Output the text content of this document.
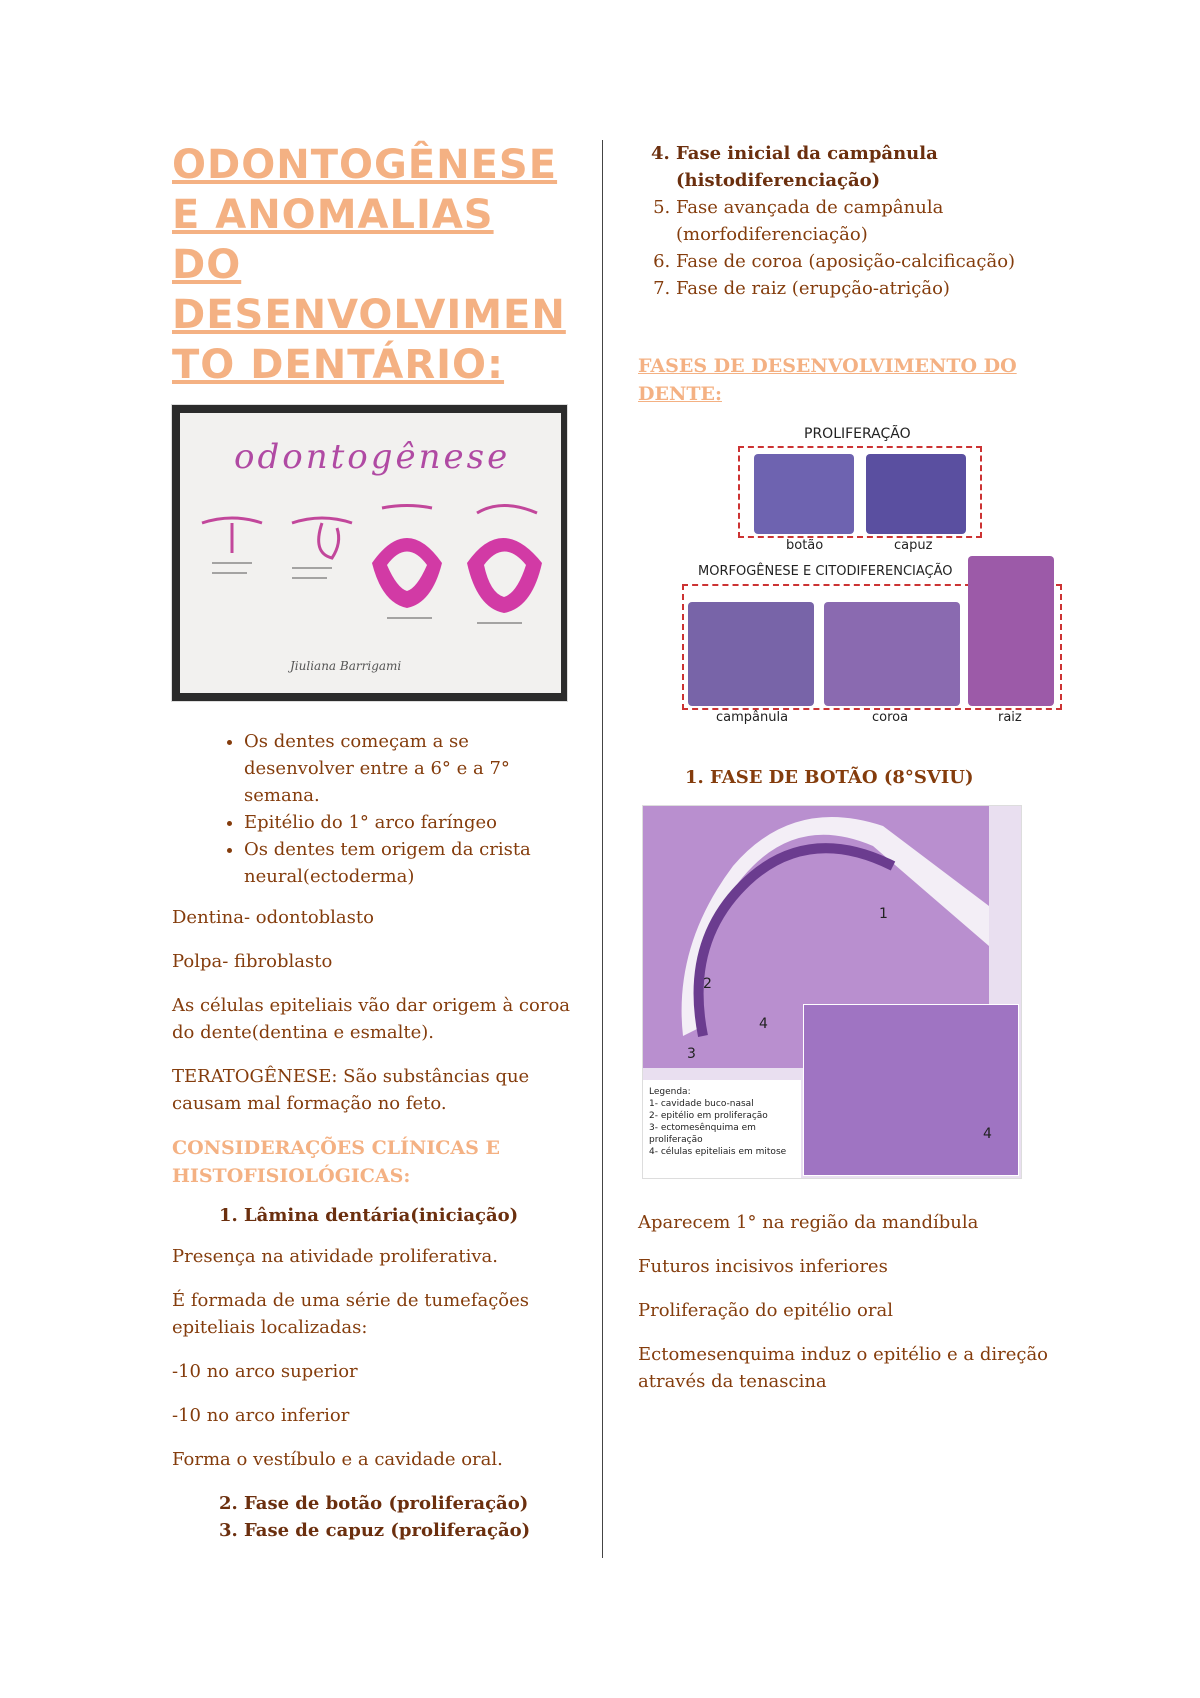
ODONTOGÊNESE
E ANOMALIAS
DO
DESENVOLVIMEN
TO DENTÁRIO:
odontogênese
Jiuliana Barrigami
• Os dentes começam a se desenvolver entre a 6° e a 7° semana.
• Epitélio do 1° arco faríngeo
• Os dentes tem origem da crista neural(ectoderma)

Dentina- odontoblasto

Polpa- fibroblasto

As células epiteliais vão dar origem à coroa do dente(dentina e esmalte).

TERATOGÊNESE: São substâncias que causam mal formação no feto.

CONSIDERAÇÕES CLÍNICAS E HISTOFISIOLÓGICAS:
1. Lâmina dentária(iniciação)

Presença na atividade proliferativa.

É formada de uma série de tumefações epiteliais localizadas:

-10 no arco superior

-10 no arco inferior

Forma o vestíbulo e a cavidade oral.

2. Fase de botão (proliferação)
3. Fase de capuz (proliferação)
4. Fase inicial da campânula (histodiferenciação)
5. Fase avançada de campânula (morfodiferenciação)
6. Fase de coroa (aposição-calcificação)
7. Fase de raiz (erupção-atrição)
FASES DE DESENVOLVIMENTO DO DENTE:
PROLIFERAÇÃO
botão	capuz
MORFOGÊNESE E CITODIFERENCIAÇÃO
campânula	coroa	raiz
1. FASE DE BOTÃO (8°SVIU)
1
2
4
3
4
Legenda:
1- cavidade buco-nasal
2- epitélio em proliferação
3- ectomesênquima em proliferação
4- células epiteliais em mitose

Aparecem 1° na região da mandíbula

Futuros incisivos inferiores

Proliferação do epitélio oral

Ectomesenquima induz o epitélio e a direção através da tenascina
